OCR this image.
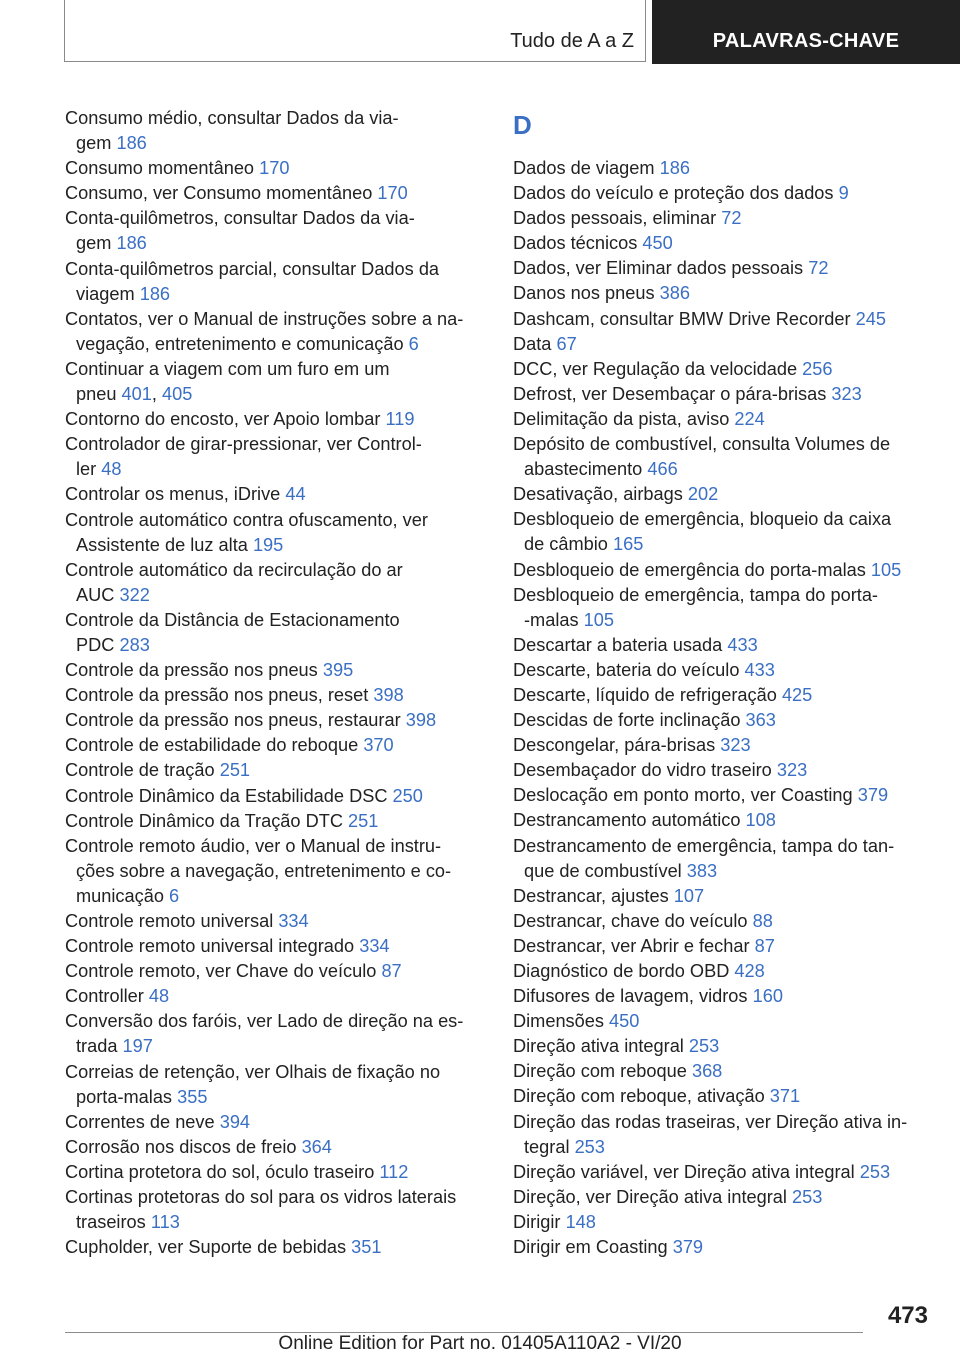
Tudo de A a Z	PALAVRAS-CHAVE
Consumo médio, consultar Dados da via-
gem 186
Consumo momentâneo 170
Consumo, ver Consumo momentâneo 170
Conta-quilômetros, consultar Dados da via-
gem 186
Conta-quilômetros parcial, consultar Dados da
viagem 186
Contatos, ver o Manual de instruções sobre a na-
vegação, entretenimento e comunicação 6
Continuar a viagem com um furo em um
pneu 401, 405
Contorno do encosto, ver Apoio lombar 119
Controlador de girar-pressionar, ver Control-
ler 48
Controlar os menus, iDrive 44
Controle automático contra ofuscamento, ver
Assistente de luz alta 195
Controle automático da recirculação do ar
AUC 322
Controle da Distância de Estacionamento
PDC 283
Controle da pressão nos pneus 395
Controle da pressão nos pneus, reset 398
Controle da pressão nos pneus, restaurar 398
Controle de estabilidade do reboque 370
Controle de tração 251
Controle Dinâmico da Estabilidade DSC 250
Controle Dinâmico da Tração DTC 251
Controle remoto áudio, ver o Manual de instru-
ções sobre a navegação, entretenimento e co-
municação 6
Controle remoto universal 334
Controle remoto universal integrado 334
Controle remoto, ver Chave do veículo 87
Controller 48
Conversão dos faróis, ver Lado de direção na es-
trada 197
Correias de retenção, ver Olhais de fixação no
porta-malas 355
Correntes de neve 394
Corrosão nos discos de freio 364
Cortina protetora do sol, óculo traseiro 112
Cortinas protetoras do sol para os vidros laterais
traseiros 113
Cupholder, ver Suporte de bebidas 351
D
Dados de viagem 186
Dados do veículo e proteção dos dados 9
Dados pessoais, eliminar 72
Dados técnicos 450
Dados, ver Eliminar dados pessoais 72
Danos nos pneus 386
Dashcam, consultar BMW Drive Recorder 245
Data 67
DCC, ver Regulação da velocidade 256
Defrost, ver Desembaçar o pára-brisas 323
Delimitação da pista, aviso 224
Depósito de combustível, consulta Volumes de
abastecimento 466
Desativação, airbags 202
Desbloqueio de emergência, bloqueio da caixa
de câmbio 165
Desbloqueio de emergência do porta-malas 105
Desbloqueio de emergência, tampa do porta-
-malas 105
Descartar a bateria usada 433
Descarte, bateria do veículo 433
Descarte, líquido de refrigeração 425
Descidas de forte inclinação 363
Descongelar, pára-brisas 323
Desembaçador do vidro traseiro 323
Deslocação em ponto morto, ver Coasting 379
Destrancamento automático 108
Destrancamento de emergência, tampa do tan-
que de combustível 383
Destrancar, ajustes 107
Destrancar, chave do veículo 88
Destrancar, ver Abrir e fechar 87
Diagnóstico de bordo OBD 428
Difusores de lavagem, vidros 160
Dimensões 450
Direção ativa integral 253
Direção com reboque 368
Direção com reboque, ativação 371
Direção das rodas traseiras, ver Direção ativa in-
tegral 253
Direção variável, ver Direção ativa integral 253
Direção, ver Direção ativa integral 253
Dirigir 148
Dirigir em Coasting 379
473
Online Edition for Part no. 01405A110A2 - VI/20
